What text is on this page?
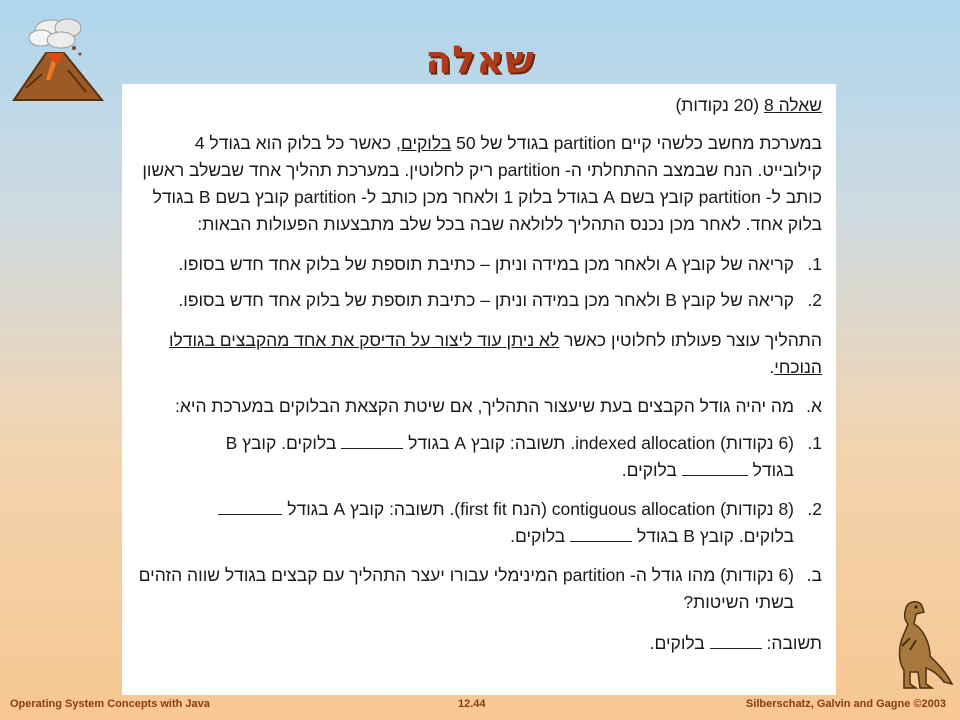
שאלה

שאלה 8 (20 נקודות)

במערכת מחשב כלשהי קיים partition בגודל של 50 בלוקים, כאשר כל בלוק הוא בגודל 4 קילובייט. הנח שבמצב ההתחלתי ה- partition ריק לחלוטין. במערכת תהליך אחד שבשלב ראשון כותב ל- partition קובץ בשם A בגודל בלוק 1 ולאחר מכן כותב ל- partition קובץ בשם B בגודל בלוק אחד. לאחר מכן נכנס התהליך ללולאה שבה בכל שלב מתבצעות הפעולות הבאות:

1.
קריאה של קובץ A ולאחר מכן במידה וניתן – כתיבת תוספת של בלוק אחד חדש בסופו.
2.
קריאה של קובץ B ולאחר מכן במידה וניתן – כתיבת תוספת של בלוק אחד חדש בסופו.

התהליך עוצר פעולתו לחלוטין כאשר לא ניתן עוד ליצור על הדיסק את אחד מהקבצים בגודלו הנוכחי.

א.
מה יהיה גודל הקבצים בעת שיעצור התהליך, אם שיטת הקצאת הבלוקים במערכת היא:
1.
(6 נקודות) indexed allocation. תשובה: קובץ A בגודל  בלוקים. קובץ B
בגודל  בלוקים.
2.
(8 נקודות) contiguous allocation (הנח first fit). תשובה: קובץ A בגודל
בלוקים. קובץ B בגודל  בלוקים.
ב.
(6 נקודות) מהו גודל ה- partition המינימלי עבורו יעצר התהליך עם קבצים בגודל שווה הזהים בשתי השיטות?

תשובה:  בלוקים.

Operating System Concepts with Java	12.44	Silberschatz, Galvin and Gagne ©2003
